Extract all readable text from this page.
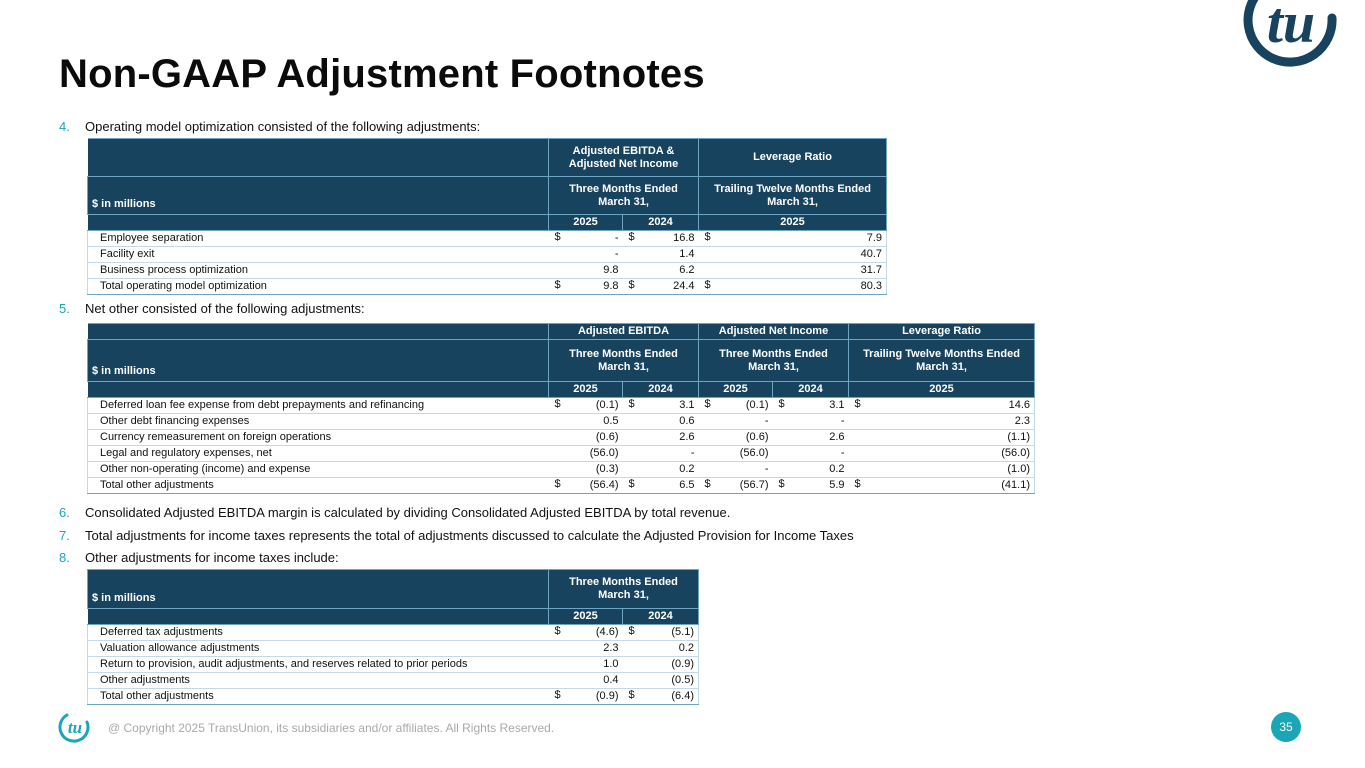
tu
Non-GAAP Adjustment Footnotes
4. Operating model optimization consisted of the following adjustments:
5. Net other consisted of the following adjustments:
6. Consolidated Adjusted EBITDA margin is calculated by dividing Consolidated Adjusted EBITDA by total revenue.
7. Total adjustments for income taxes represents the total of adjustments discussed to calculate the Adjusted Provision for Income Taxes
8. Other adjustments for income taxes include:
	Adjusted EBITDA & Adjusted Net Income		Leverage Ratio
$ in millions	Three Months Ended March 31,		Trailing Twelve Months Ended March 31,
	2025	2024	2025
Employee separation	$ -	$ 16.8	$ 7.9
Facility exit	-	1.4	40.7
Business process optimization	9.8	6.2	31.7
Total operating model optimization	$ 9.8	$ 24.4	$ 80.3
	Adjusted EBITDA		Adjusted Net Income		Leverage Ratio
$ in millions	Three Months Ended March 31,		Three Months Ended March 31,		Trailing Twelve Months Ended March 31,
	2025	2024	2025	2024	2025
Deferred loan fee expense from debt prepayments and refinancing	$ (0.1)	$ 3.1	$ (0.1)	$ 3.1	$ 14.6
Other debt financing expenses	0.5	0.6	-	-	2.3
Currency remeasurement on foreign operations	(0.6)	2.6	(0.6)	2.6	(1.1)
Legal and regulatory expenses, net	(56.0)	-	(56.0)	-	(56.0)
Other non-operating (income) and expense	(0.3)	0.2	-	0.2	(1.0)
Total other adjustments	$ (56.4)	$ 6.5	$ (56.7)	$ 5.9	$ (41.1)
$ in millions	Three Months Ended March 31,	
	2025	2024
Deferred tax adjustments	$ (4.6)	$ (5.1)
Valuation allowance adjustments	2.3	0.2
Return to provision, audit adjustments, and reserves related to prior periods	1.0	(0.9)
Other adjustments	0.4	(0.5)
Total other adjustments	$ (0.9)	$ (6.4)
tu @ Copyright 2025 TransUnion, its subsidiaries and/or affiliates. All Rights Reserved.	35
